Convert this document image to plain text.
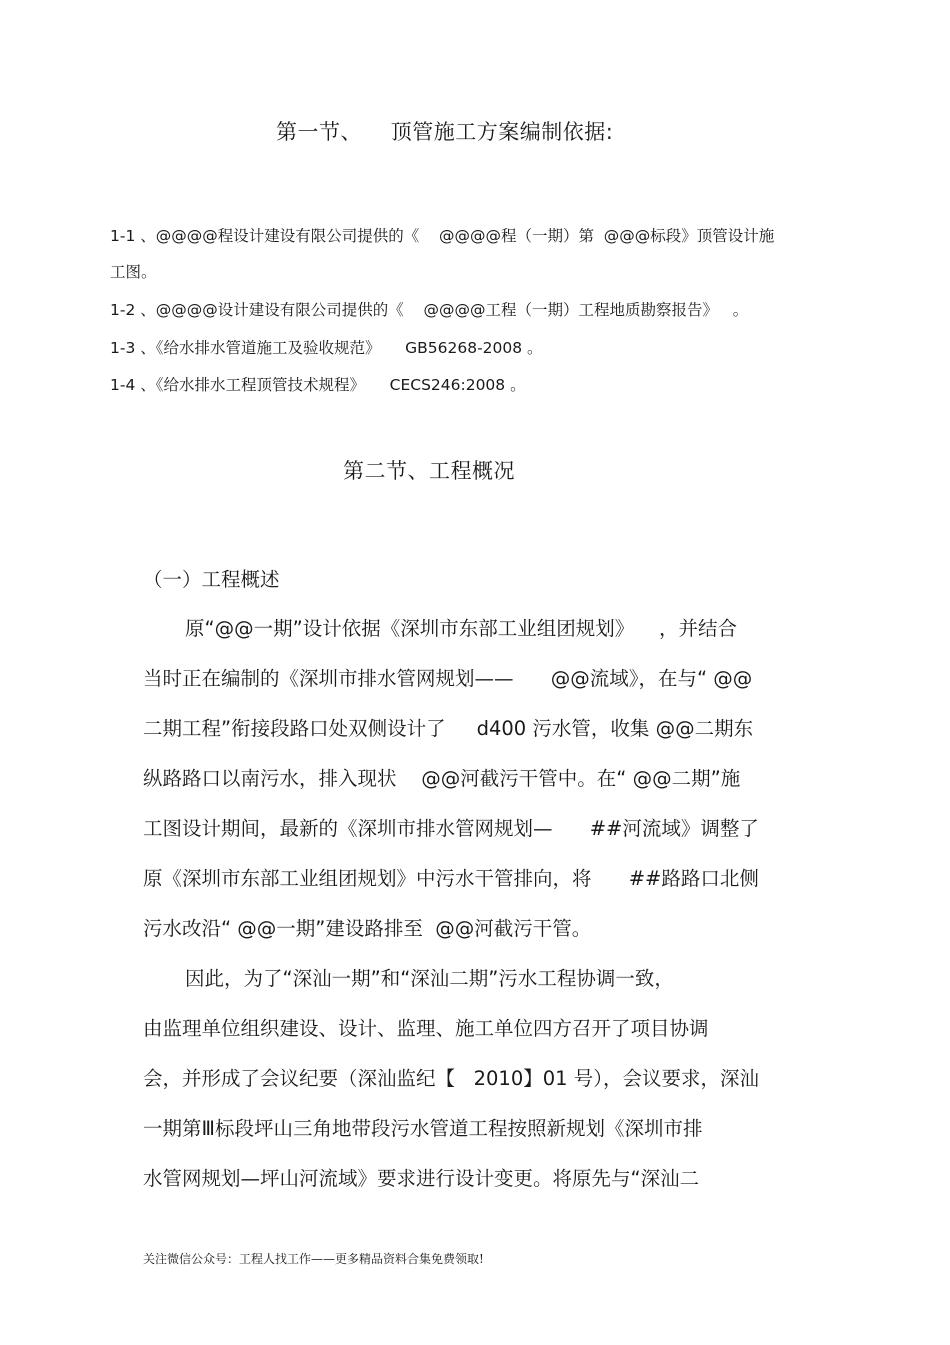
第一节、    顶管施工方案编制依据:
1-1 、@@@@程设计建设有限公司提供的《    @@@@程（一期）第  @@@标段》顶管设计施
工图。
1-2 、@@@@设计建设有限公司提供的《    @@@@工程（一期）工程地质勘察报告》   。
1-3 、《给水排水管道施工及验收规范》     GB56268-2008 。
1-4 、《给水排水工程顶管技术规程》     CECS246:2008 。
第二节、工程概况
（一）工程概述
原“@@一期”设计依据《深圳市东部工业组团规划》    ，并结合
当时正在编制的《深圳市排水管网规划——      @@流域》，在与“ @@
二期工程”衔接段路口处双侧设计了     d400 污水管，收集 @@二期东
纵路路口以南污水，排入现状    @@河截污干管中。在“ @@二期”施
工图设计期间，最新的《深圳市排水管网规划—      ##河流域》调整了
原《深圳市东部工业组团规划》中污水干管排向，将      ##路路口北侧
污水改沿“ @@一期”建设路排至  @@河截污干管。
因此，为了“深汕一期”和“深汕二期”污水工程协调一致，
由监理单位组织建设、设计、监理、施工单位四方召开了项目协调
会，并形成了会议纪要（深汕监纪【   2010】01 号），会议要求，深汕
一期第Ⅲ标段坪山三角地带段污水管道工程按照新规划《深圳市排
水管网规划—坪山河流域》要求进行设计变更。将原先与“深汕二
关注微信公众号：工程人找工作——更多精品资料合集免费领取!
